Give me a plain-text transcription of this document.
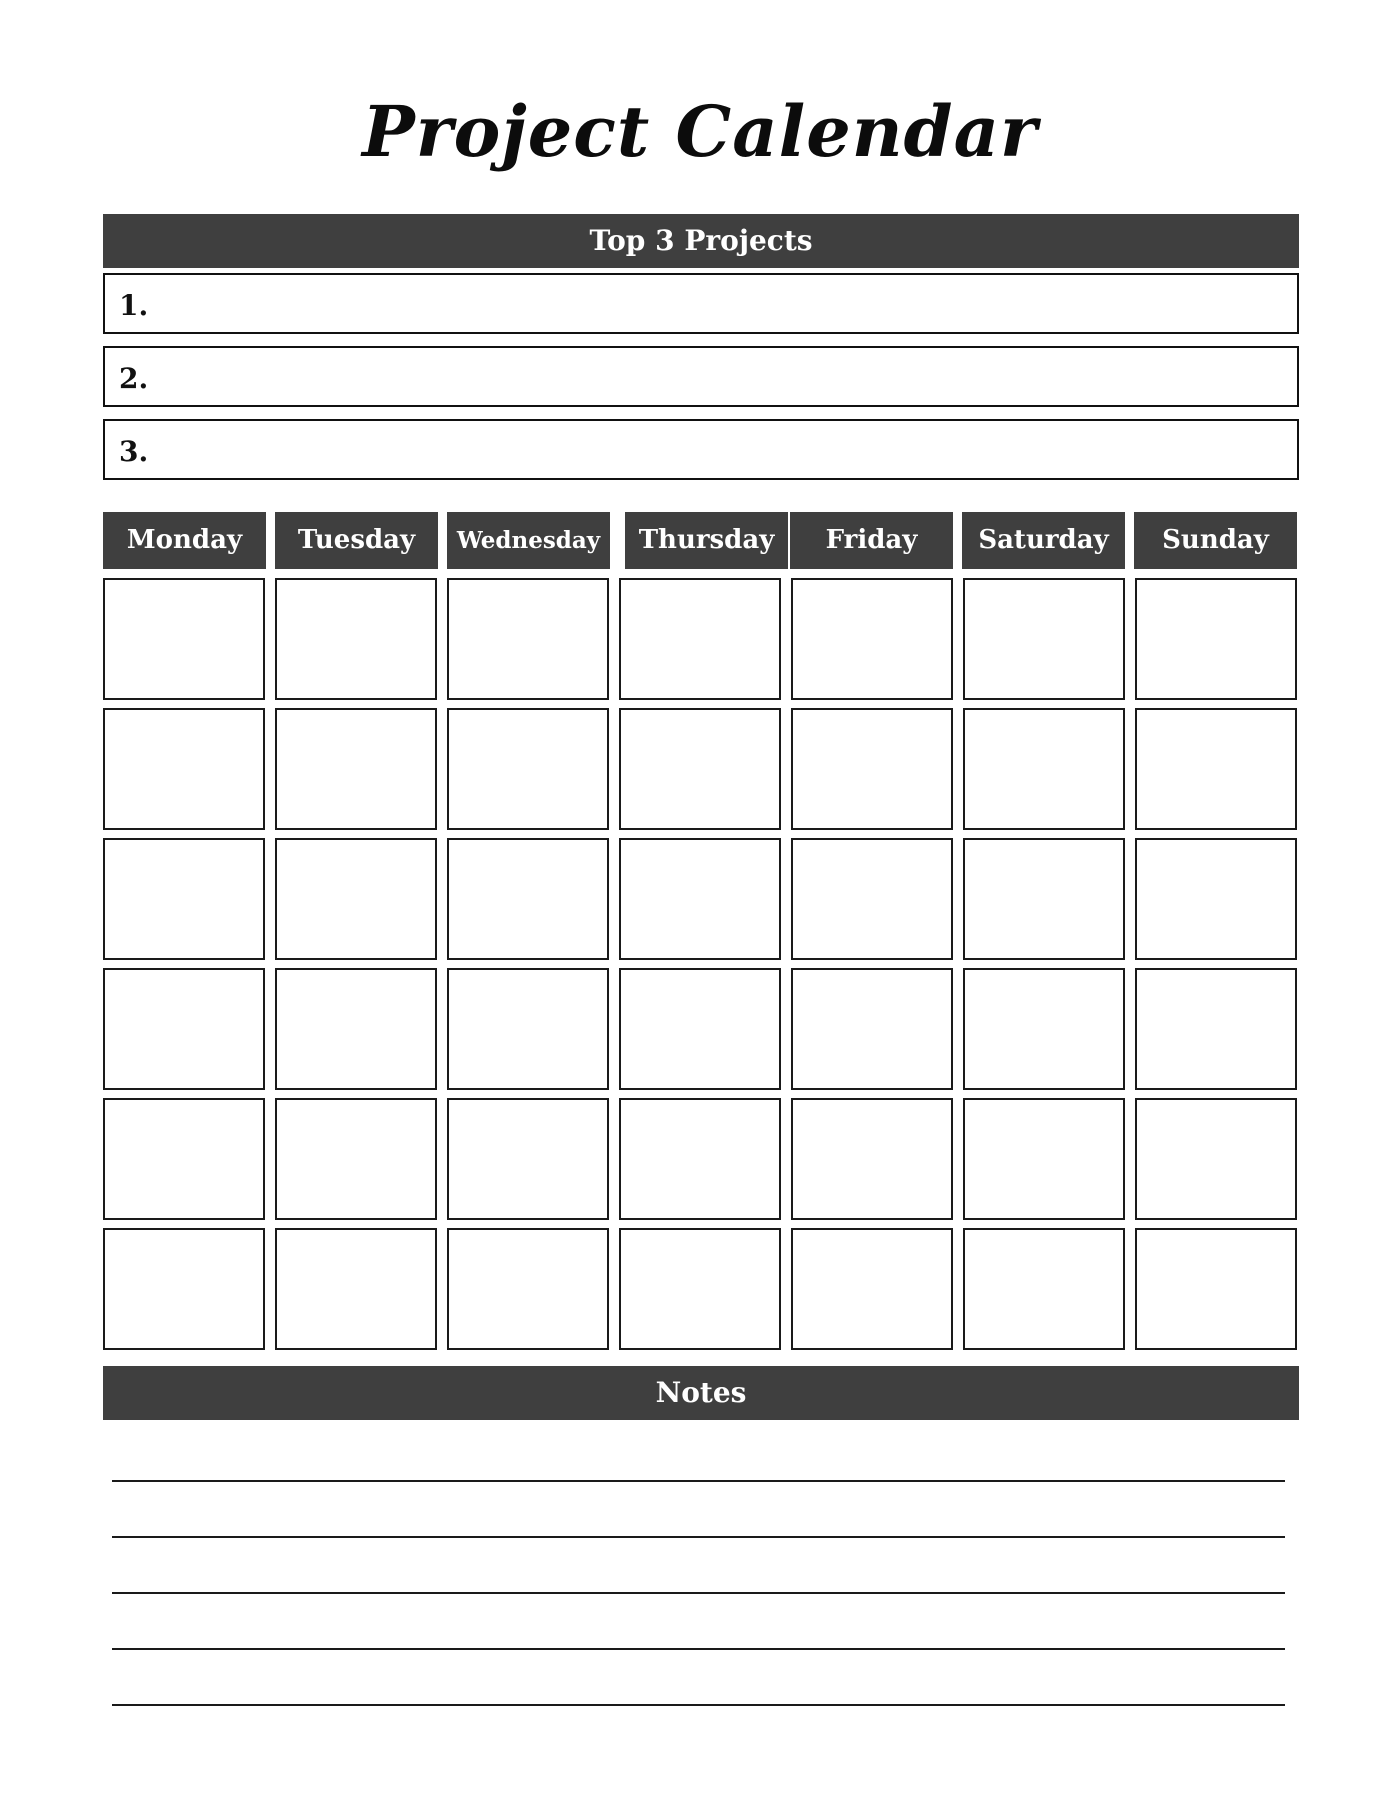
Project Calendar
Top 3 Projects
1.
2.
3.
Monday	Tuesday	Wednesday	Thursday	Friday	Saturday	Sunday
Notes
